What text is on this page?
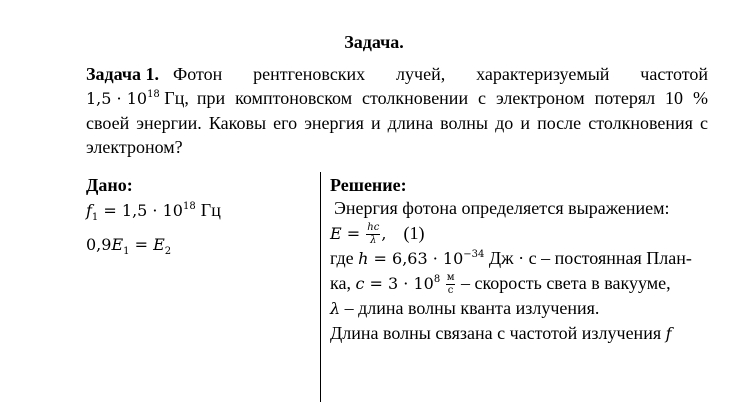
Задача.
Задача 1. Фотон рентгеновских лучей, характеризуемый частотой
$1,5 \cdot 10^{18}$ Гц, при комптоновском столкновении с электроном потерял 10 %
своей энергии. Каковы его энергия и длина волны до и после столкновения с
электроном?
Дано:
$f_1 = 1,5 \cdot 10^{18}$ Гц
$0,9E_1 = E_2$
Решение:
Энергия фотона определяется выражением:
$E = \frac{hc}{\lambda}$ , (1)
где $h = 6,63 \cdot 10^{-34}$ Дж · с – постоянная План-
ка, $c = 3 \cdot 10^8 \frac{м}{с}$ – скорость света в вакууме,
λ – длина волны кванта излучения.
Длина волны связана с частотой излучения f
